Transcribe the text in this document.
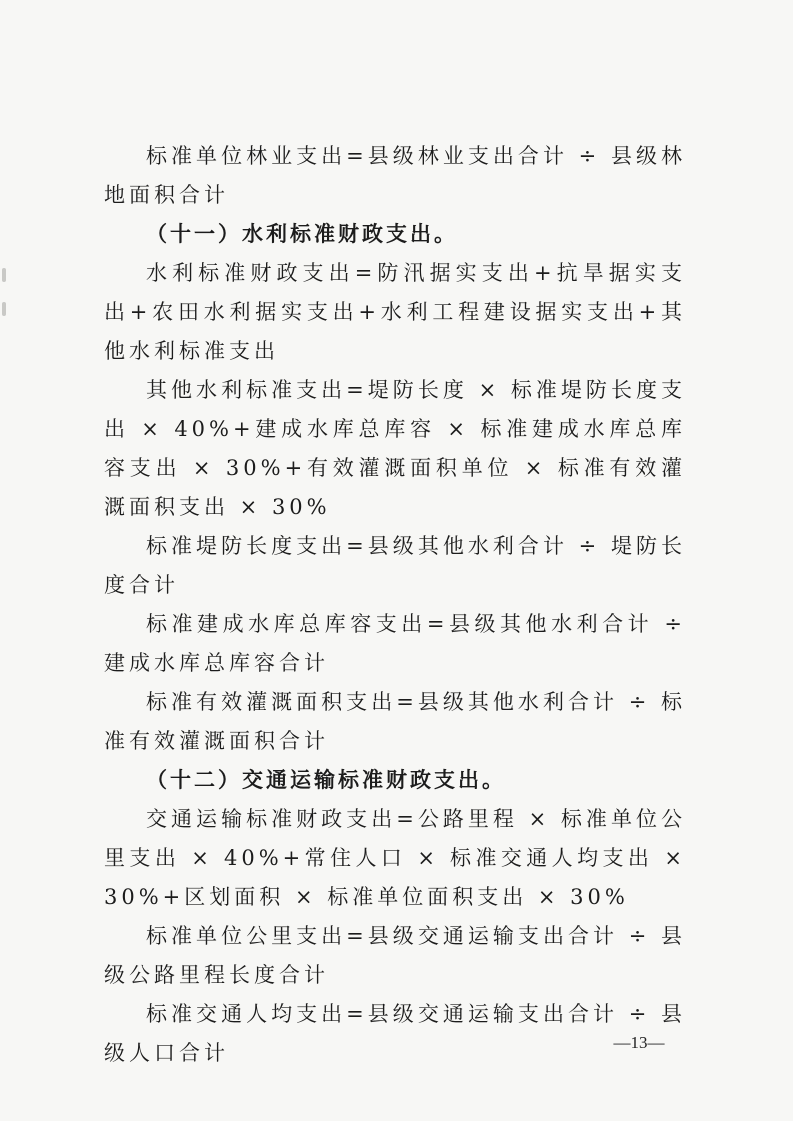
标准单位林业支出=县级林业支出合计 ÷ 县级林地面积合计

（十一）水利标准财政支出。

水利标准财政支出=防汛据实支出+抗旱据实支出+农田水利据实支出+水利工程建设据实支出+其他水利标准支出

其他水利标准支出=堤防长度 × 标准堤防长度支出 × 40%+建成水库总库容 × 标准建成水库总库容支出 × 30%+有效灌溉面积单位 × 标准有效灌溉面积支出 × 30%

标准堤防长度支出=县级其他水利合计 ÷ 堤防长度合计

标准建成水库总库容支出=县级其他水利合计 ÷ 建成水库总库容合计

标准有效灌溉面积支出=县级其他水利合计 ÷ 标准有效灌溉面积合计

（十二）交通运输标准财政支出。

交通运输标准财政支出=公路里程 × 标准单位公里支出 × 40%+常住人口 × 标准交通人均支出 × 30%+区划面积 × 标准单位面积支出 × 30%

标准单位公里支出=县级交通运输支出合计 ÷ 县级公路里程长度合计

标准交通人均支出=县级交通运输支出合计 ÷ 县级人口合计	—13—
